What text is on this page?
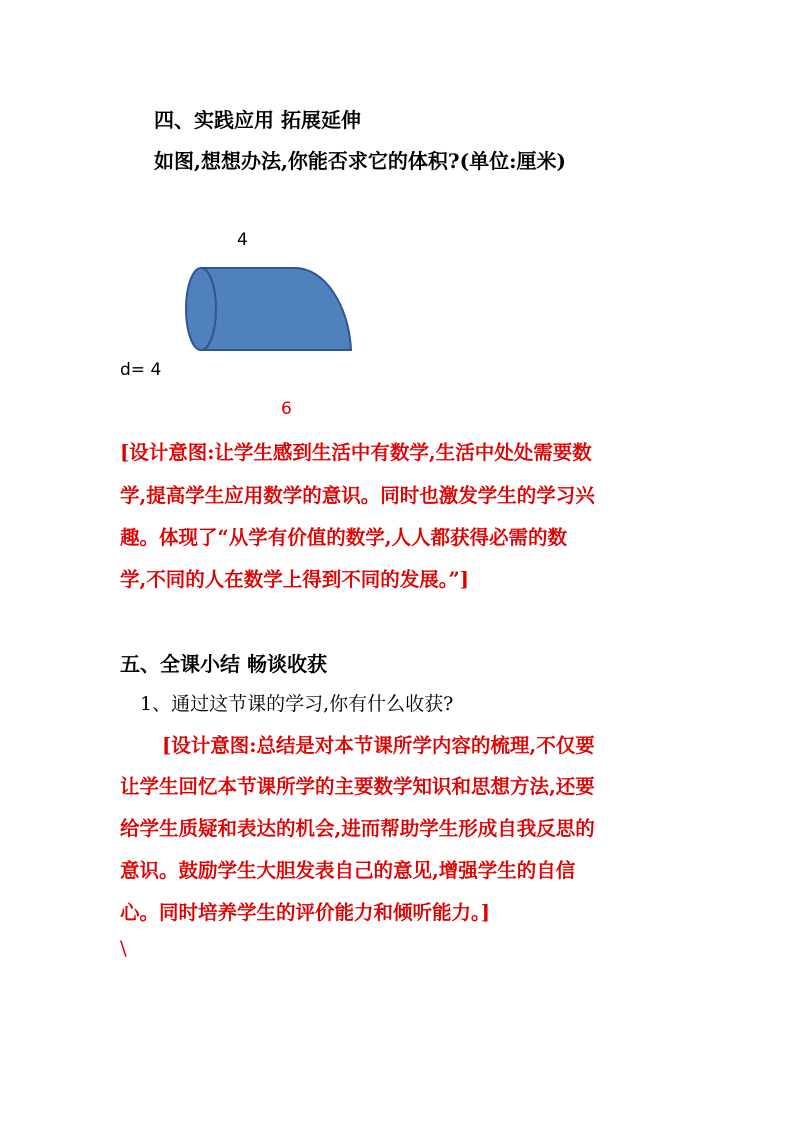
四、实践应用 拓展延伸
如图,想想办法,你能否求它的体积?(单位:厘米)
4
d= 4
6
[设计意图:让学生感到生活中有数学,生活中处处需要数
学,提高学生应用数学的意识。同时也激发学生的学习兴
趣。体现了“从学有价值的数学,人人都获得必需的数
学,不同的人在数学上得到不同的发展。”]
五、全课小结 畅谈收获
1、通过这节课的学习,你有什么收获?
[设计意图:总结是对本节课所学内容的梳理,不仅要
让学生回忆本节课所学的主要数学知识和思想方法,还要
给学生质疑和表达的机会,进而帮助学生形成自我反思的
意识。鼓励学生大胆发表自己的意见,增强学生的自信
心。同时培养学生的评价能力和倾听能力。]
\
